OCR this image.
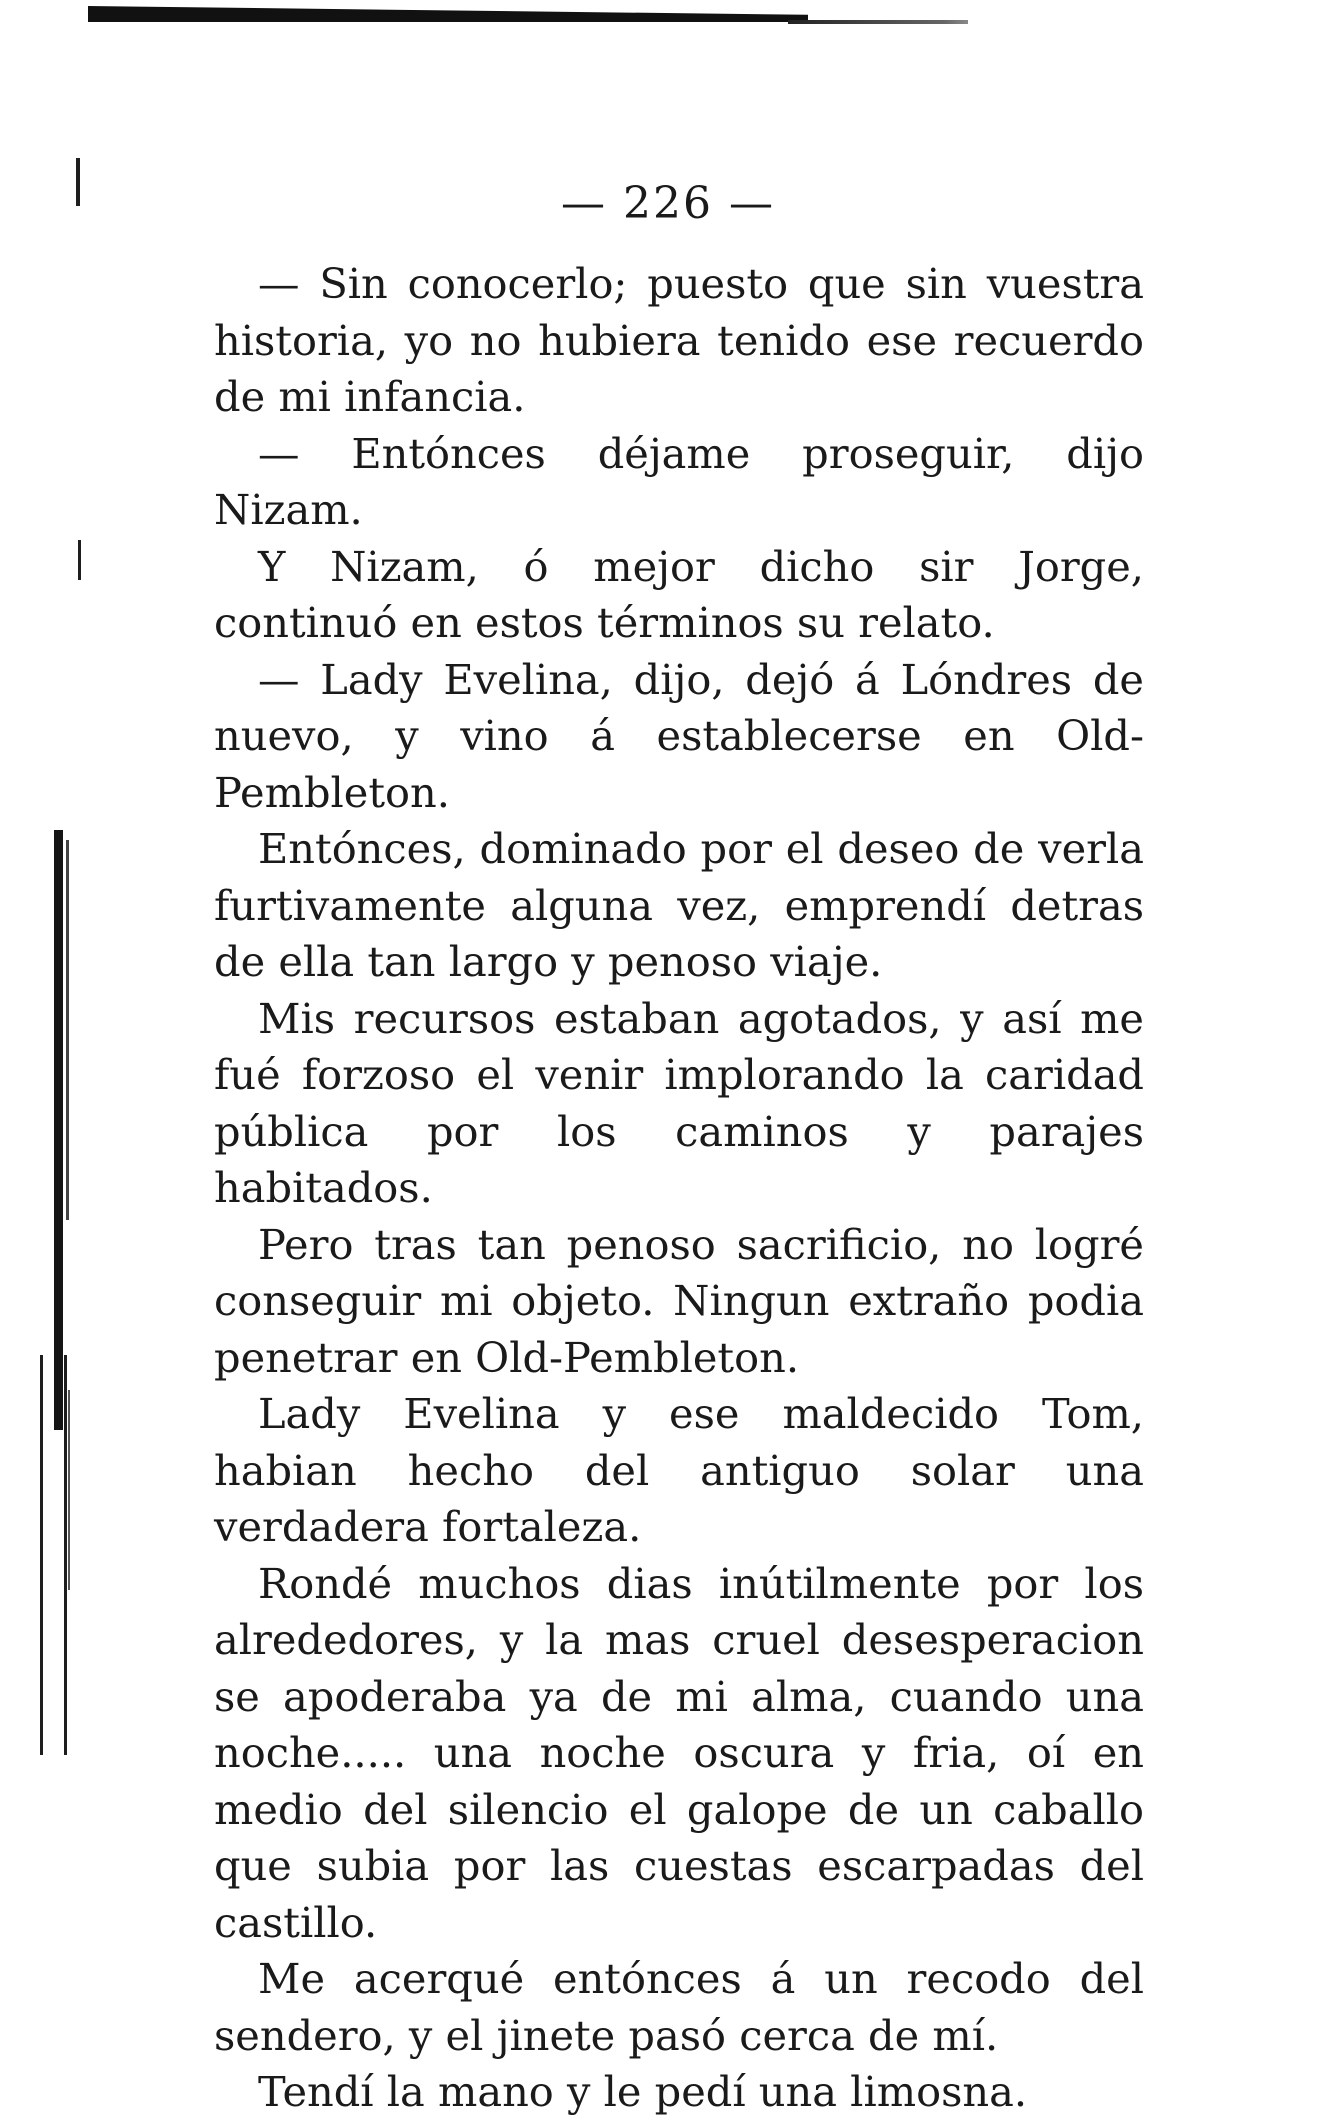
— 226 —

— Sin conocerlo; puesto que sin vuestra historia, yo no hubiera tenido ese recuerdo de mi infancia.

— Entónces déjame proseguir, dijo Nizam.

Y Nizam, ó mejor dicho sir Jorge, continuó en estos términos su relato.

— Lady Evelina, dijo, dejó á Lóndres de nuevo, y vino á establecerse en Old-Pembleton.

Entónces, dominado por el deseo de verla furtivamente alguna vez, emprendí detras de ella tan largo y penoso viaje.

Mis recursos estaban agotados, y así me fué forzoso el venir implorando la caridad pública por los caminos y parajes habitados.

Pero tras tan penoso sacrificio, no logré conseguir mi objeto. Ningun extraño podia penetrar en Old-Pembleton.

Lady Evelina y ese maldecido Tom, habian hecho del antiguo solar una verdadera fortaleza.

Rondé muchos dias inútilmente por los alrededores, y la mas cruel desesperacion se apoderaba ya de mi alma, cuando una noche..... una noche oscura y fria, oí en medio del silencio el galope de un caballo que subia por las cuestas escarpadas del castillo.

Me acerqué entónces á un recodo del sendero, y el jinete pasó cerca de mí.

Tendí la mano y le pedí una limosna.
